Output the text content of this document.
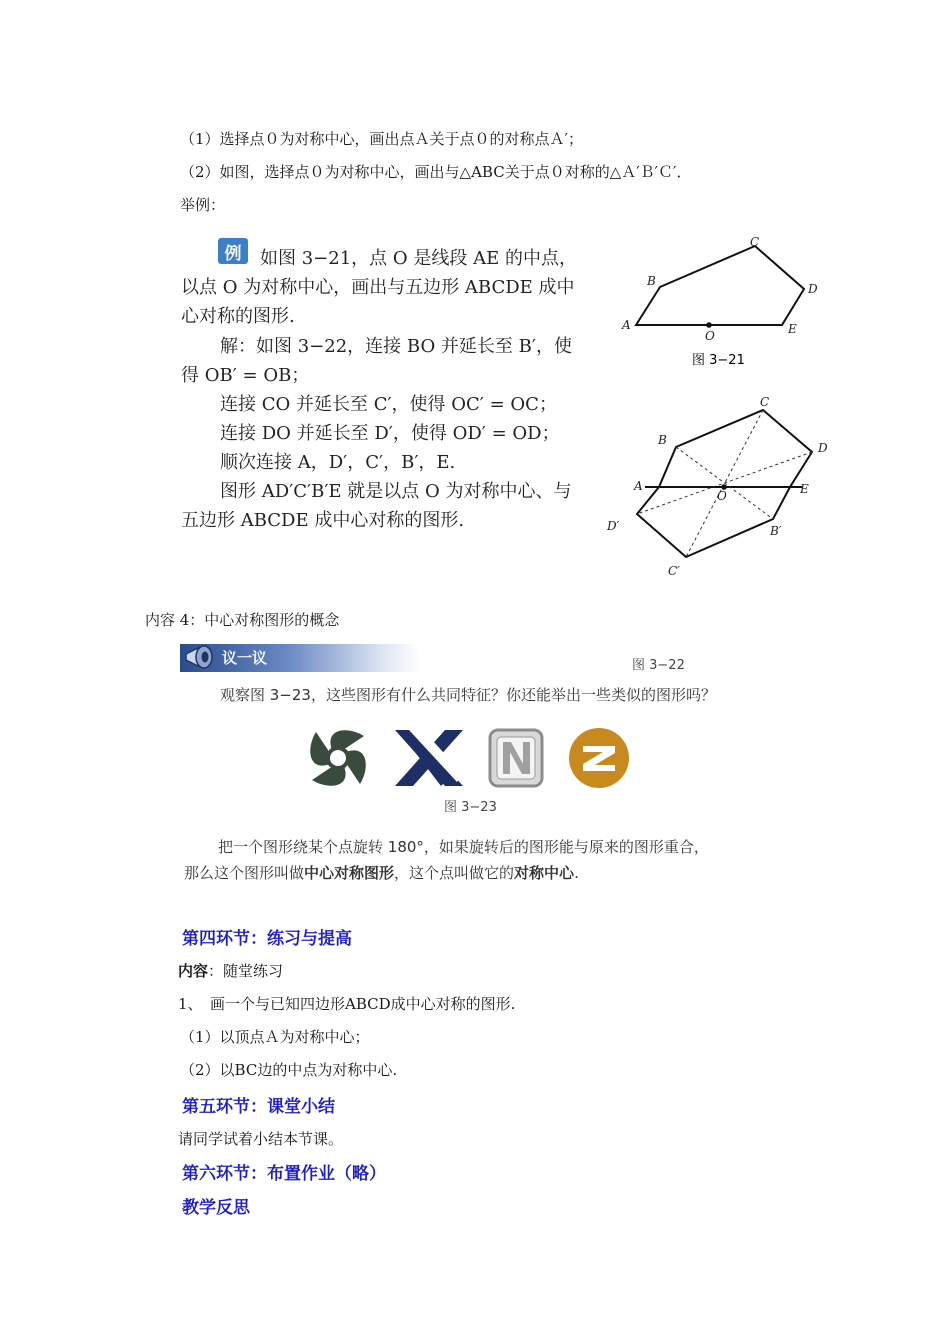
（1）选择点０为对称中心，画出点Ａ关于点０的对称点Ａ′；
（2）如图，选择点０为对称中心，画出与△ABC关于点０对称的△Ａ′Ｂ′Ｃ′．
举例：
例	如图 3−21，点 O 是线段 AE 的中点，
以点 O 为对称中心，画出与五边形 ABCDE 成中
心对称的图形.
解：如图 3−22，连接 BO 并延长至 B′，使
得 OB′ = OB；
连接 CO 并延长至 C′，使得 OC′ = OC；
连接 DO 并延长至 D′，使得 OD′ = OD；
顺次连接 A，D′，C′，B′，E.
图形 AD′C′B′E 就是以点 O 为对称中心、与
五边形 ABCDE 成中心对称的图形.
A
B
C
D
E
O
图 3−21
A
B
C
D
E
O
B′
C′
D′
内容 4：中心对称图形的概念
议一议	图 3−22
观察图 3−23，这些图形有什么共同特征？你还能举出一些类似的图形吗？
图 3−23
把一个图形绕某个点旋转 180°，如果旋转后的图形能与原来的图形重合，
那么这个图形叫做中心对称图形，这个点叫做它的对称中心.
第四环节：练习与提高
内容：随堂练习
1、　画一个与已知四边形ABCD成中心对称的图形.
（1）以顶点Ａ为对称中心；
（2）以BC边的中点为对称中心.
第五环节：课堂小结
请同学试着小结本节课。
第六环节：布置作业（略）
教学反思
